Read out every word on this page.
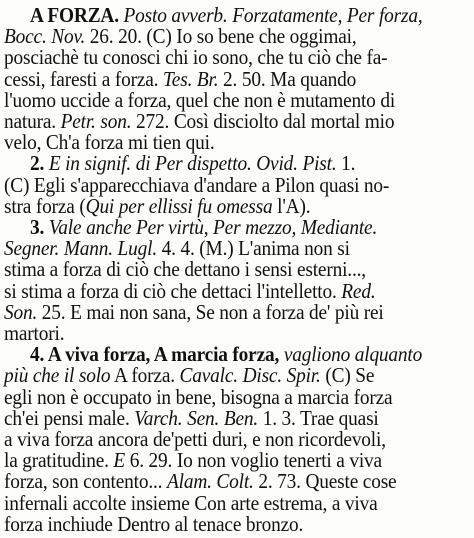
A FORZA. Posto avverb. Forzatamente, Per forza,
Bocc. Nov. 26. 20. (C) Io so bene che oggimai,
posciachè tu conosci chi io sono, che tu ciò che fa-
cessi, faresti a forza. Tes. Br. 2. 50. Ma quando
l'uomo uccide a forza, quel che non è mutamento di
natura. Petr. son. 272. Così disciolto dal mortal mio
velo, Ch'a forza mi tien qui.
2. E in signif. di Per dispetto. Ovid. Pist. 1.
(C) Egli s'apparecchiava d'andare a Pilon quasi no-
stra forza (Qui per ellissi fu omessa l'A).
3. Vale anche Per virtù, Per mezzo, Mediante.
Segner. Mann. Lugl. 4. 4. (M.) L'anima non si
stima a forza di ciò che dettano i sensi esterni...,
si stima a forza di ciò che dettaci l'intelletto. Red.
Son. 25. E mai non sana, Se non a forza de' più rei
martori.
4. A viva forza, A marcia forza, vagliono alquanto
più che il solo A forza. Cavalc. Disc. Spir. (C) Se
egli non è occupato in bene, bisogna a marcia forza
ch'ei pensi male. Varch. Sen. Ben. 1. 3. Trae quasi
a viva forza ancora de'petti duri, e non ricordevoli,
la gratitudine. E 6. 29. Io non voglio tenerti a viva
forza, son contento... Alam. Colt. 2. 73. Queste cose
infernali accolte insieme Con arte estrema, a viva
forza inchiude Dentro al tenace bronzo.
